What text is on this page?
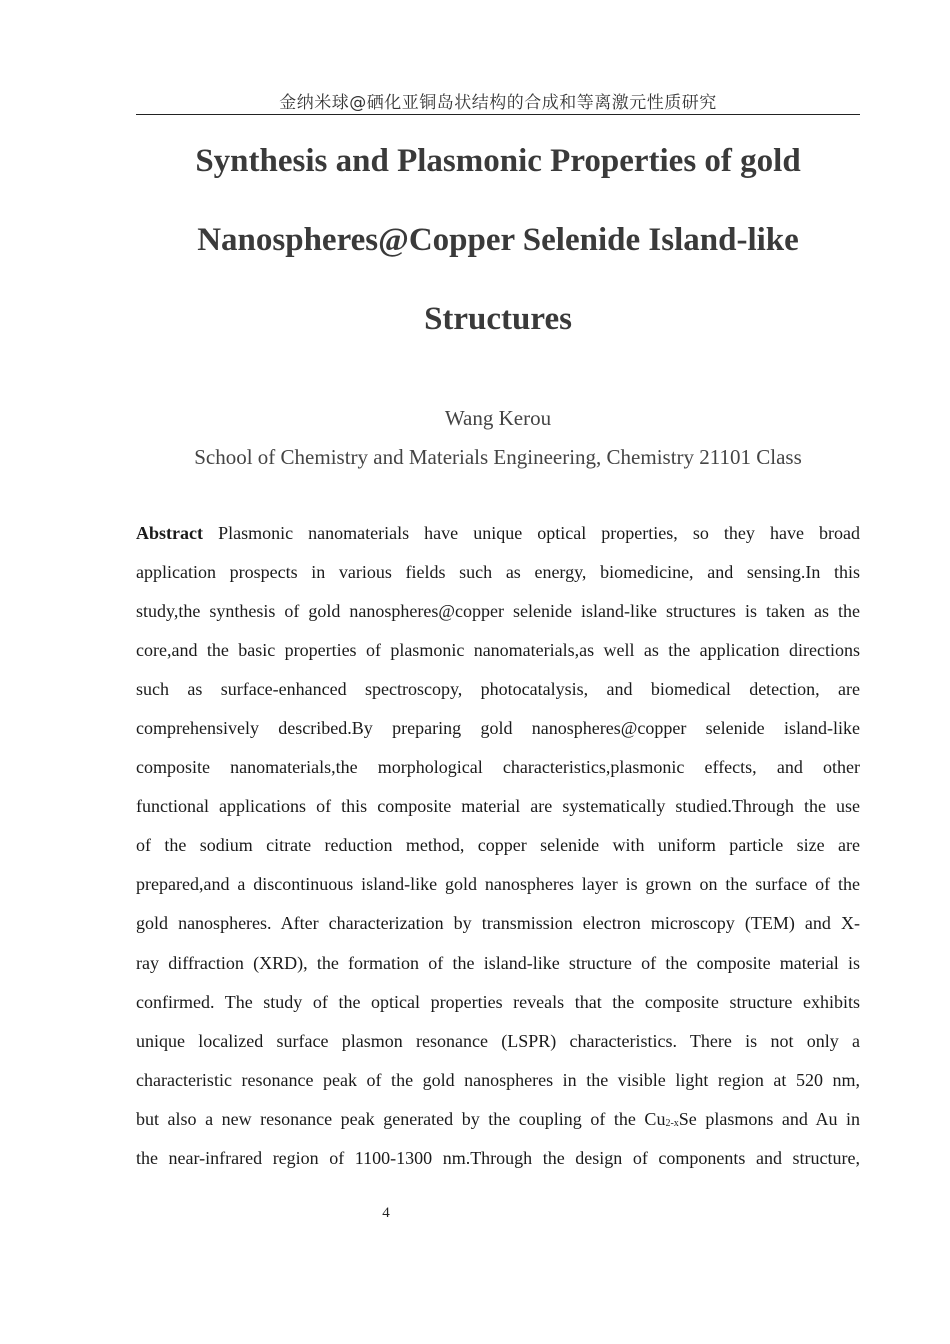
金纳米球@硒化亚铜岛状结构的合成和等离激元性质研究
Synthesis and Plasmonic Properties of gold
Nanospheres@Copper Selenide Island-like
Structures
Wang Kerou
School of Chemistry and Materials Engineering, Chemistry 21101 Class
Abstract Plasmonic nanomaterials have unique optical properties, so they have broad
application prospects in various fields such as energy, biomedicine, and sensing.In this
study,the synthesis of gold nanospheres@copper selenide island-like structures is taken as the
core,and the basic properties of plasmonic nanomaterials,as well as the application directions
such as surface-enhanced spectroscopy, photocatalysis, and biomedical detection, are
comprehensively described.By preparing gold nanospheres@copper selenide island-like
composite nanomaterials,the morphological characteristics,plasmonic effects, and other
functional applications of this composite material are systematically studied.Through the use
of the sodium citrate reduction method, copper selenide with uniform particle size are
prepared,and a discontinuous island-like gold nanospheres layer is grown on the surface of the
gold nanospheres. After characterization by transmission electron microscopy (TEM) and X-
ray diffraction (XRD), the formation of the island-like structure of the composite material is
confirmed. The study of the optical properties reveals that the composite structure exhibits
unique localized surface plasmon resonance (LSPR) characteristics. There is not only a
characteristic resonance peak of the gold nanospheres in the visible light region at 520 nm,
but also a new resonance peak generated by the coupling of the $Cu_{2-x}Se$ plasmons and Au in
the near-infrared region of 1100-1300 nm.Through the design of components and structure,
4
